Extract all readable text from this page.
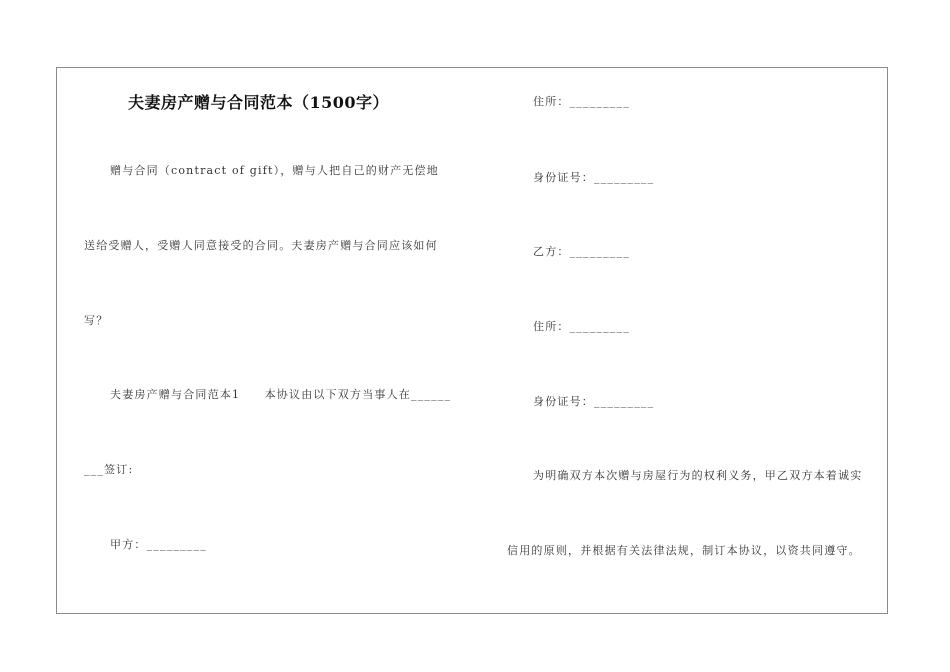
夫妻房产赠与合同范本（1500字）
赠与合同（contract of gift），赠与人把自己的财产无偿地
送给受赠人，受赠人同意接受的合同。夫妻房产赠与合同应该如何
写？
夫妻房产赠与合同范本1　　本协议由以下双方当事人在______
___签订:
甲方：_________
住所：_________
身份证号：_________
乙方：_________
住所：_________
身份证号：_________
为明确双方本次赠与房屋行为的权利义务，甲乙双方本着诚实
信用的原则，并根据有关法律法规，制订本协议，以资共同遵守。
